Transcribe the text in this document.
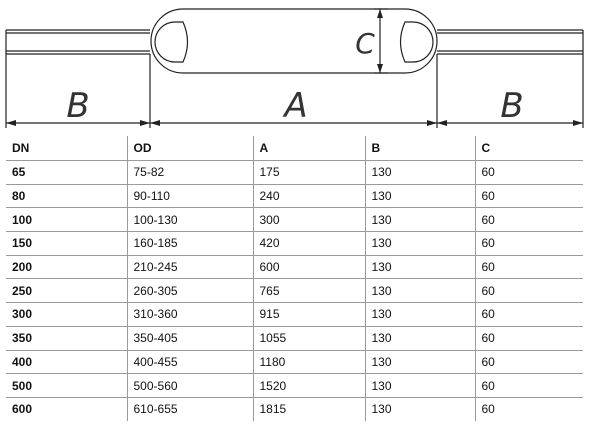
B	A	B
C
DN	OD	A	B	C
65	75-82	175	130	60
80	90-110	240	130	60
100	100-130	300	130	60
150	160-185	420	130	60
200	210-245	600	130	60
250	260-305	765	130	60
300	310-360	915	130	60
350	350-405	1055	130	60
400	400-455	1180	130	60
500	500-560	1520	130	60
600	610-655	1815	130	60
